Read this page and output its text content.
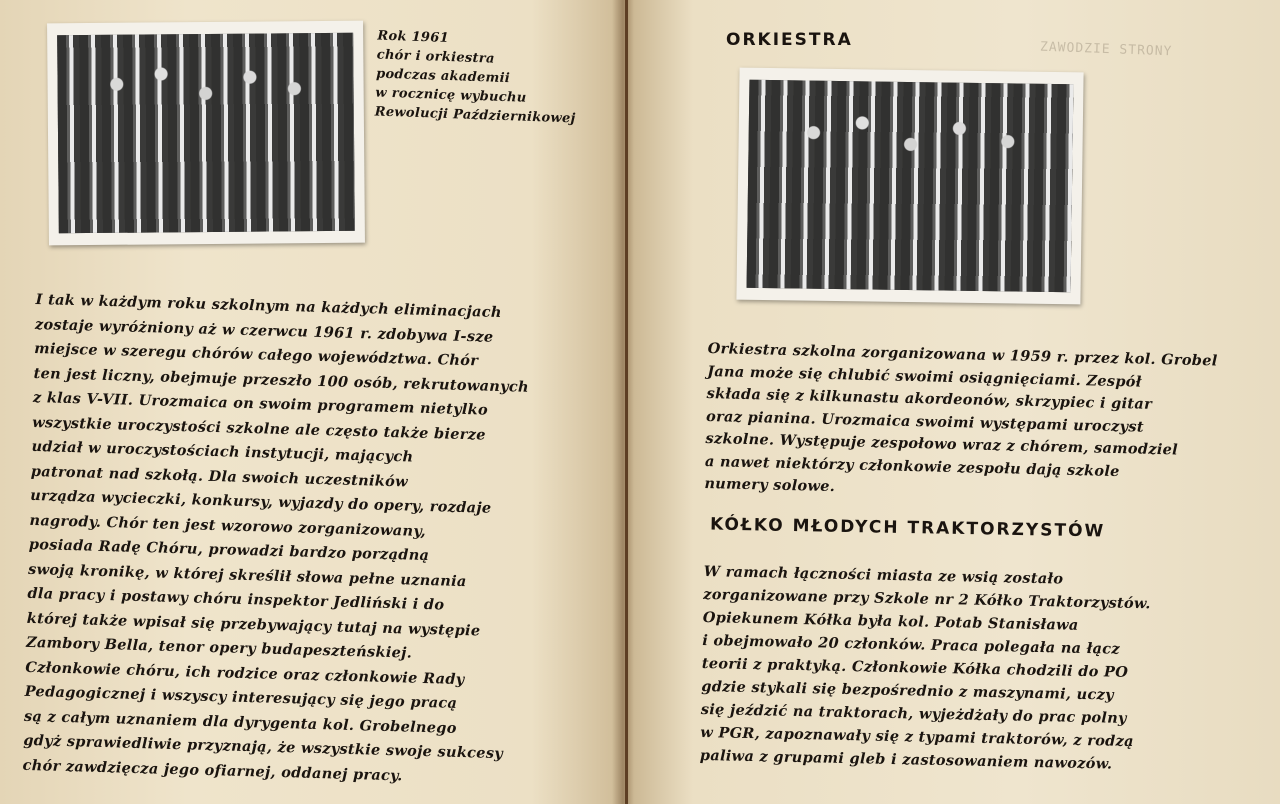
Rok 1961
chór i orkiestra
podczas akademii
w rocznicę wybuchu
Rewolucji Październikowej
I tak w każdym roku szkolnym na każdych eliminacjach
zostaje wyróżniony aż w czerwcu 1961 r. zdobywa I-sze
miejsce w szeregu chórów całego województwa. Chór
ten jest liczny, obejmuje przeszło 100 osób, rekrutowanych
z klas V-VII. Urozmaica on swoim programem nietylko
wszystkie uroczystości szkolne ale często także bierze
udział w uroczystościach instytucji, mających
patronat nad szkołą. Dla swoich uczestników
urządza wycieczki, konkursy, wyjazdy do opery, rozdaje
nagrody. Chór ten jest wzorowo zorganizowany,
posiada Radę Chóru, prowadzi bardzo porządną
swoją kronikę, w której skreślił słowa pełne uznania
dla pracy i postawy chóru inspektor Jedliński i do
której także wpisał się przebywający tutaj na występie
Zambory Bella, tenor opery budapeszteńskiej.
Członkowie chóru, ich rodzice oraz członkowie Rady
Pedagogicznej i wszyscy interesujący się jego pracą
są z całym uznaniem dla dyrygenta kol. Grobelnego
gdyż sprawiedliwie przyznają, że wszystkie swoje sukcesy
chór zawdzięcza jego ofiarnej, oddanej pracy.
ZAWODZIE STRONY
ORKIESTRA
Orkiestra szkolna zorganizowana w 1959 r. przez kol. Grobel
Jana może się chlubić swoimi osiągnięciami. Zespół
składa się z kilkunastu akordeonów, skrzypiec i gitar
oraz pianina. Urozmaica swoimi występami uroczyst
szkolne. Występuje zespołowo wraz z chórem, samodziel
a nawet niektórzy członkowie zespołu dają szkole
numery solowe.
KÓŁKO MŁODYCH TRAKTORZYSTÓW
W ramach łączności miasta ze wsią zostało
zorganizowane przy Szkole nr 2 Kółko Traktorzystów.
Opiekunem Kółka była kol. Potab Stanisława
i obejmowało 20 członków. Praca polegała na łącz
teorii z praktyką. Członkowie Kółka chodzili do PO
gdzie stykali się bezpośrednio z maszynami, uczy
się jeździć na traktorach, wyjeżdżały do prac polny
w PGR, zapoznawały się z typami traktorów, z rodzą
paliwa z grupami gleb i zastosowaniem nawozów.
